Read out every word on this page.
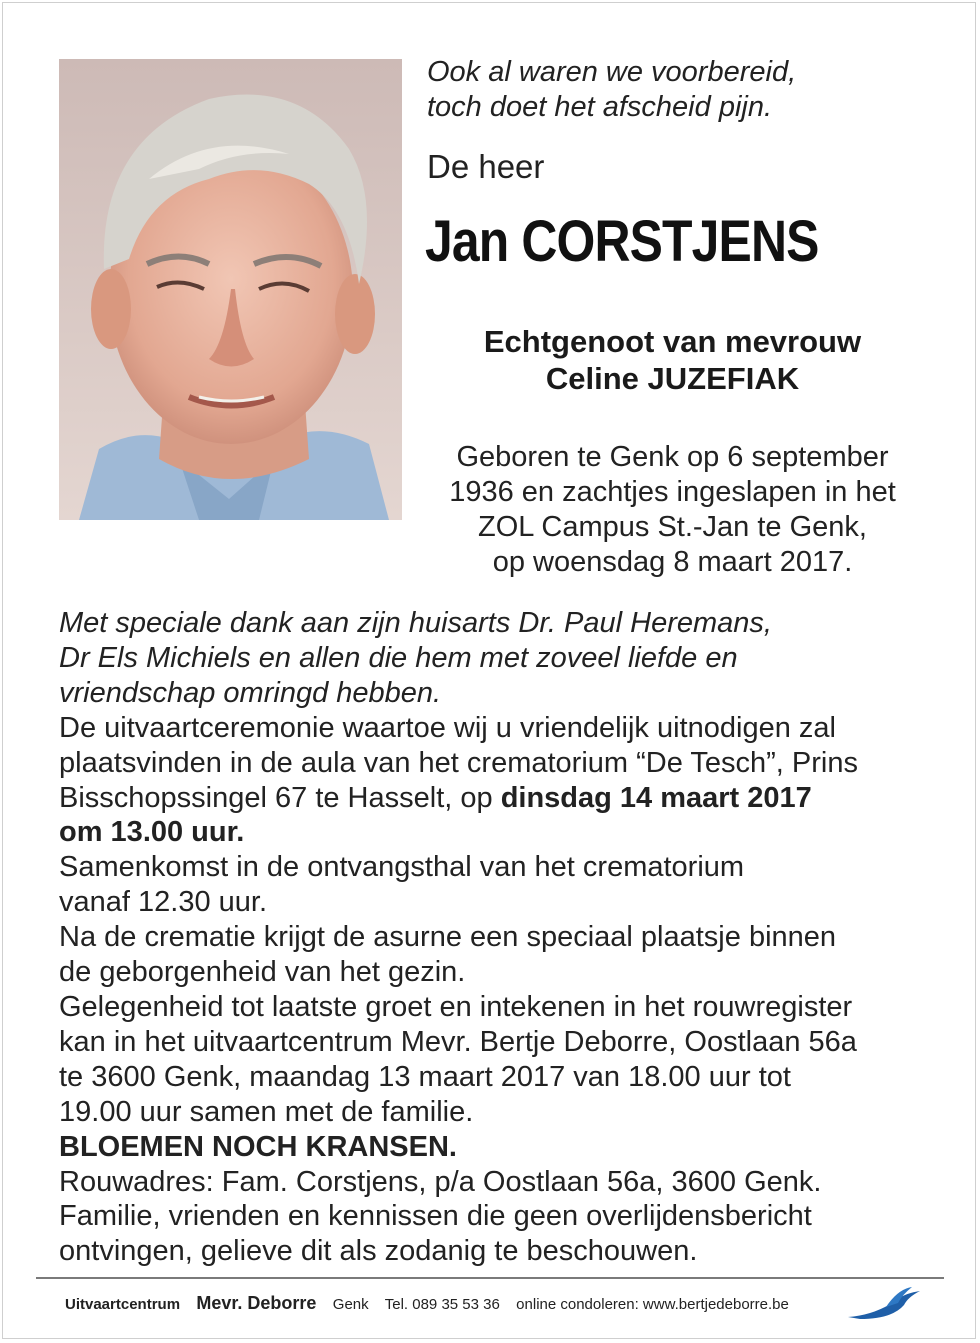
Ook al waren we voorbereid,
toch doet het afscheid pijn.
De heer
Jan CORSTJENS
Echtgenoot van mevrouw
Celine JUZEFIAK
Geboren te Genk op 6 september
1936 en zachtjes ingeslapen in het
ZOL Campus St.-Jan te Genk,
op woensdag 8 maart 2017.
Met speciale dank aan zijn huisarts Dr. Paul Heremans,
Dr Els Michiels en allen die hem met zoveel liefde en
vriendschap omringd hebben.
De uitvaartceremonie waartoe wij u vriendelijk uitnodigen zal
plaatsvinden in de aula van het crematorium “De Tesch”, Prins
Bisschopssingel 67 te Hasselt, op dinsdag 14 maart 2017
om 13.00 uur.
Samenkomst in de ontvangsthal van het crematorium
vanaf 12.30 uur.
Na de crematie krijgt de asurne een speciaal plaatsje binnen
de geborgenheid van het gezin.
Gelegenheid tot laatste groet en intekenen in het rouwregister
kan in het uitvaartcentrum Mevr. Bertje Deborre, Oostlaan 56a
te 3600 Genk, maandag 13 maart 2017 van 18.00 uur tot
19.00 uur samen met de familie.
BLOEMEN NOCH KRANSEN.
Rouwadres: Fam. Corstjens, p/a Oostlaan 56a, 3600 Genk.
Familie, vrienden en kennissen die geen overlijdensbericht
ontvingen, gelieve dit als zodanig te beschouwen.
Uitvaartcentrum Mevr. Deborre Genk Tel. 089 35 53 36 online condoleren: www.bertjedeborre.be
